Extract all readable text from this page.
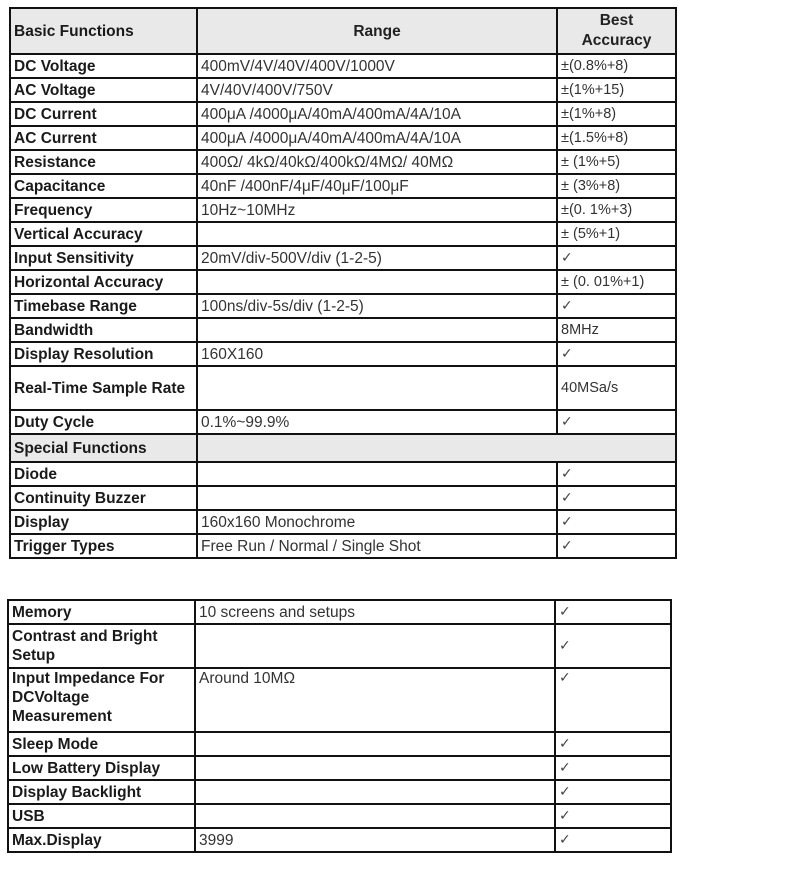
Basic Functions	Range	Best
Accuracy
DC Voltage	400mV/4V/40V/400V/1000V	±(0.8%+8)
AC Voltage	4V/40V/400V/750V	±(1%+15)
DC Current	400μA /4000μA/40mA/400mA/4A/10A	±(1%+8)
AC Current	400μA /4000μA/40mA/400mA/4A/10A	±(1.5%+8)
Resistance	400Ω/ 4kΩ/40kΩ/400kΩ/4MΩ/ 40MΩ	± (1%+5)
Capacitance	40nF /400nF/4μF/40μF/100μF	± (3%+8)
Frequency	10Hz~10MHz	±(0. 1%+3)
Vertical Accuracy		± (5%+1)
Input Sensitivity	20mV/div-500V/div (1-2-5)	✓
Horizontal Accuracy		± (0. 01%+1)
Timebase Range	100ns/div-5s/div (1-2-5)	✓
Bandwidth		8MHz
Display Resolution	160X160	✓
Real-Time Sample Rate		40MSa/s
Duty Cycle	0.1%~99.9%	✓
Special Functions		
Diode		✓
Continuity Buzzer		✓
Display	160x160 Monochrome	✓
Trigger Types	Free Run / Normal / Single Shot	✓
Memory	10 screens and setups	✓
Contrast and Bright Setup		✓
Input Impedance For DCVoltage Measurement	Around 10MΩ	✓
Sleep Mode		✓
Low Battery Display		✓
Display Backlight		✓
USB		✓
Max.Display	3999	✓
